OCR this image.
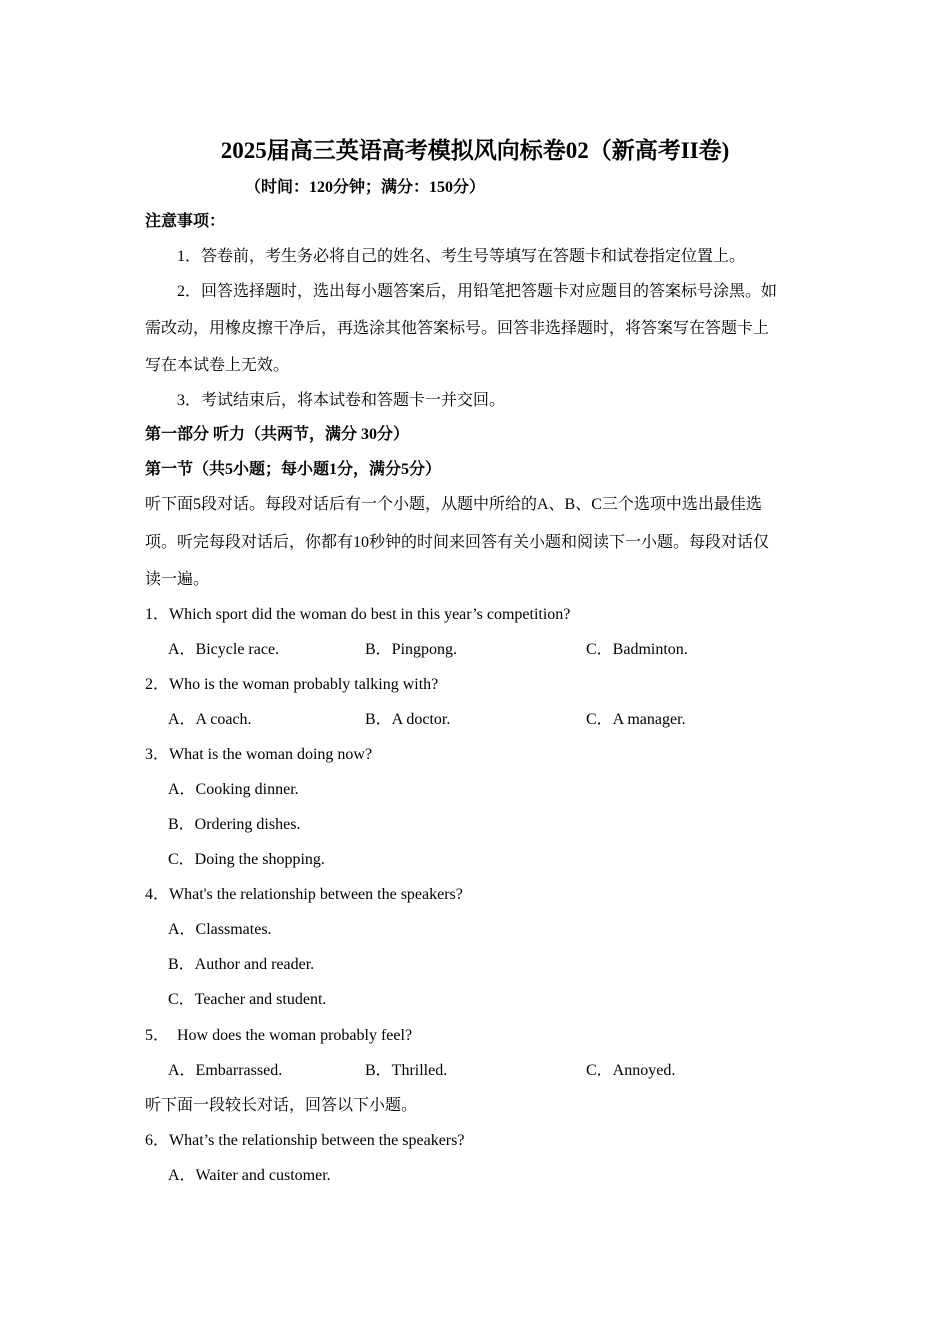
2025届高三英语高考模拟风向标卷02（新高考II卷)
（时间：120分钟；满分：150分）
注意事项：
1．答卷前，考生务必将自己的姓名、考生号等填写在答题卡和试卷指定位置上。
2．回答选择题时，选出每小题答案后，用铅笔把答题卡对应题目的答案标号涂黑。如
需改动，用橡皮擦干净后，再选涂其他答案标号。回答非选择题时，将答案写在答题卡上
写在本试卷上无效。
3．考试结束后，将本试卷和答题卡一并交回。
第一部分 听力（共两节，满分 30分）
第一节（共5小题；每小题1分，满分5分）
听下面5段对话。每段对话后有一个小题，从题中所给的A、B、C三个选项中选出最佳选
项。听完每段对话后，你都有10秒钟的时间来回答有关小题和阅读下一小题。每段对话仅
读一遍。
1．Which sport did the woman do best in this year’s competition?
A．Bicycle race.	B．Pingpong.	C．Badminton.
2．Who is the woman probably talking with?
A．A coach.	B．A doctor.	C．A manager.
3．What is the woman doing now?
A．Cooking dinner.
B．Ordering dishes.
C．Doing the shopping.
4．What's the relationship between the speakers?
A．Classmates.
B．Author and reader.
C．Teacher and student.
5．  How does the woman probably feel?
A．Embarrassed.	B．Thrilled.	C．Annoyed.
听下面一段较长对话，回答以下小题。
6．What’s the relationship between the speakers?
A．Waiter and customer.
